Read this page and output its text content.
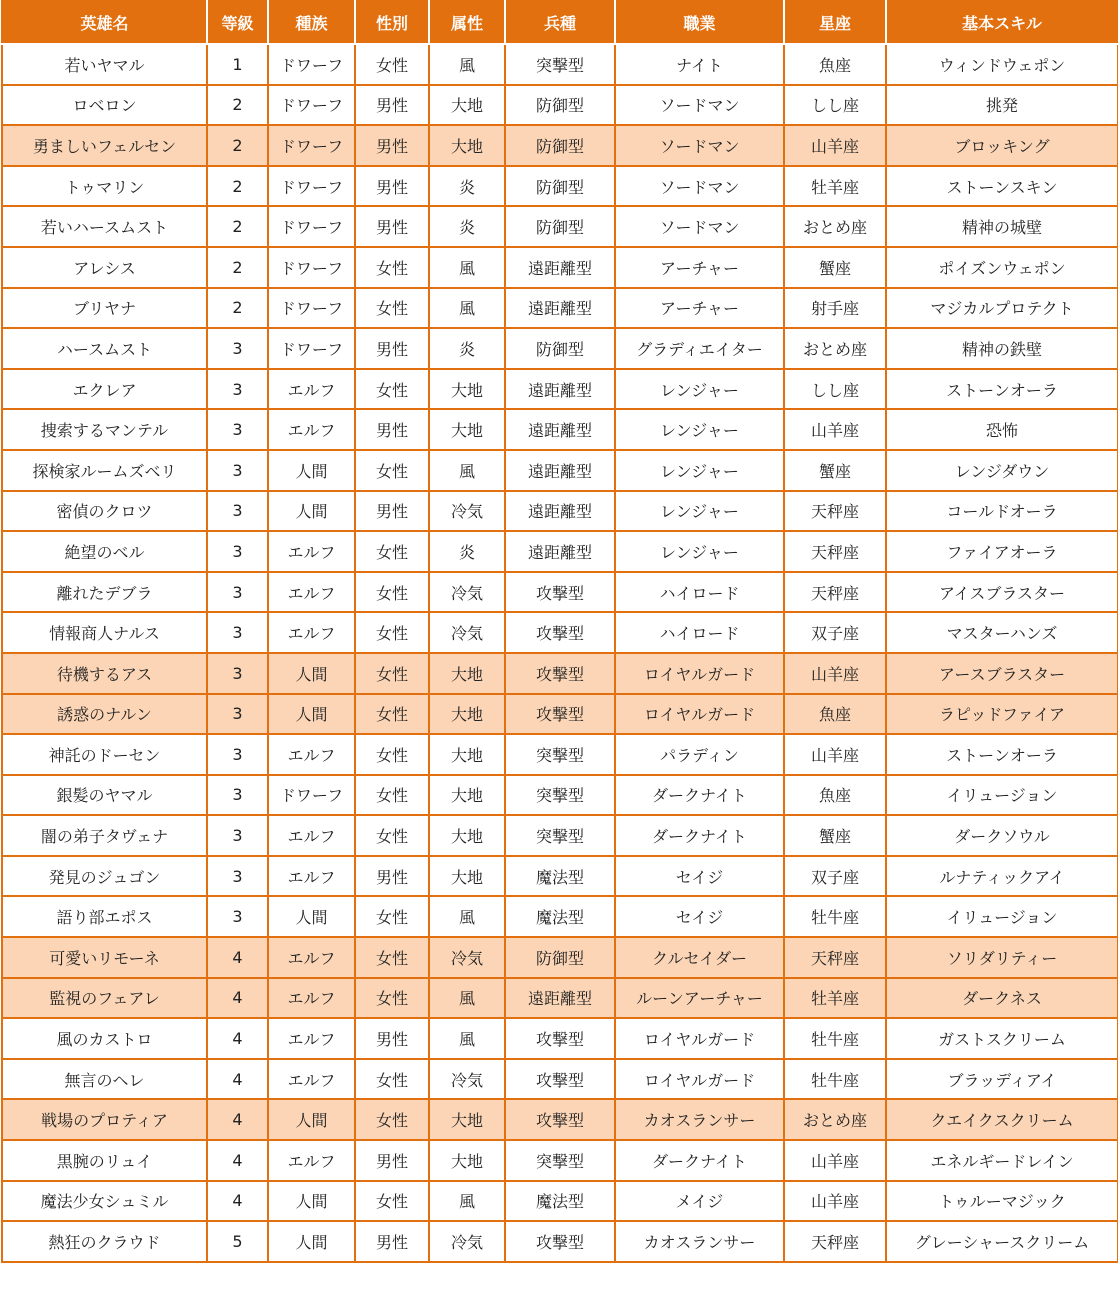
英雄名	等級	種族	性別	属性	兵種	職業	星座	基本スキル
若いヤマル	1	ドワーフ	女性	風	突撃型	ナイト	魚座	ウィンドウェポン
ロベロン	2	ドワーフ	男性	大地	防御型	ソードマン	しし座	挑発
勇ましいフェルセン	2	ドワーフ	男性	大地	防御型	ソードマン	山羊座	ブロッキング
トゥマリン	2	ドワーフ	男性	炎	防御型	ソードマン	牡羊座	ストーンスキン
若いハースムスト	2	ドワーフ	男性	炎	防御型	ソードマン	おとめ座	精神の城壁
アレシス	2	ドワーフ	女性	風	遠距離型	アーチャー	蟹座	ポイズンウェポン
ブリヤナ	2	ドワーフ	女性	風	遠距離型	アーチャー	射手座	マジカルプロテクト
ハースムスト	3	ドワーフ	男性	炎	防御型	グラディエイター	おとめ座	精神の鉄壁
エクレア	3	エルフ	女性	大地	遠距離型	レンジャー	しし座	ストーンオーラ
捜索するマンテル	3	エルフ	男性	大地	遠距離型	レンジャー	山羊座	恐怖
探検家ルームズベリ	3	人間	女性	風	遠距離型	レンジャー	蟹座	レンジダウン
密偵のクロツ	3	人間	男性	冷気	遠距離型	レンジャー	天秤座	コールドオーラ
絶望のベル	3	エルフ	女性	炎	遠距離型	レンジャー	天秤座	ファイアオーラ
離れたデブラ	3	エルフ	女性	冷気	攻撃型	ハイロード	天秤座	アイスブラスター
情報商人ナルス	3	エルフ	女性	冷気	攻撃型	ハイロード	双子座	マスターハンズ
待機するアス	3	人間	女性	大地	攻撃型	ロイヤルガード	山羊座	アースブラスター
誘惑のナルン	3	人間	女性	大地	攻撃型	ロイヤルガード	魚座	ラピッドファイア
神託のドーセン	3	エルフ	女性	大地	突撃型	パラディン	山羊座	ストーンオーラ
銀髪のヤマル	3	ドワーフ	女性	大地	突撃型	ダークナイト	魚座	イリュージョン
闇の弟子タヴェナ	3	エルフ	女性	大地	突撃型	ダークナイト	蟹座	ダークソウル
発見のジュゴン	3	エルフ	男性	大地	魔法型	セイジ	双子座	ルナティックアイ
語り部エポス	3	人間	女性	風	魔法型	セイジ	牡牛座	イリュージョン
可愛いリモーネ	4	エルフ	女性	冷気	防御型	クルセイダー	天秤座	ソリダリティー
監視のフェアレ	4	エルフ	女性	風	遠距離型	ルーンアーチャー	牡羊座	ダークネス
風のカストロ	4	エルフ	男性	風	攻撃型	ロイヤルガード	牡牛座	ガストスクリーム
無言のヘレ	4	エルフ	女性	冷気	攻撃型	ロイヤルガード	牡牛座	ブラッディアイ
戦場のプロティア	4	人間	女性	大地	攻撃型	カオスランサー	おとめ座	クエイクスクリーム
黒腕のリュイ	4	エルフ	男性	大地	突撃型	ダークナイト	山羊座	エネルギードレイン
魔法少女シュミル	4	人間	女性	風	魔法型	メイジ	山羊座	トゥルーマジック
熱狂のクラウド	5	人間	男性	冷気	攻撃型	カオスランサー	天秤座	グレーシャースクリーム
